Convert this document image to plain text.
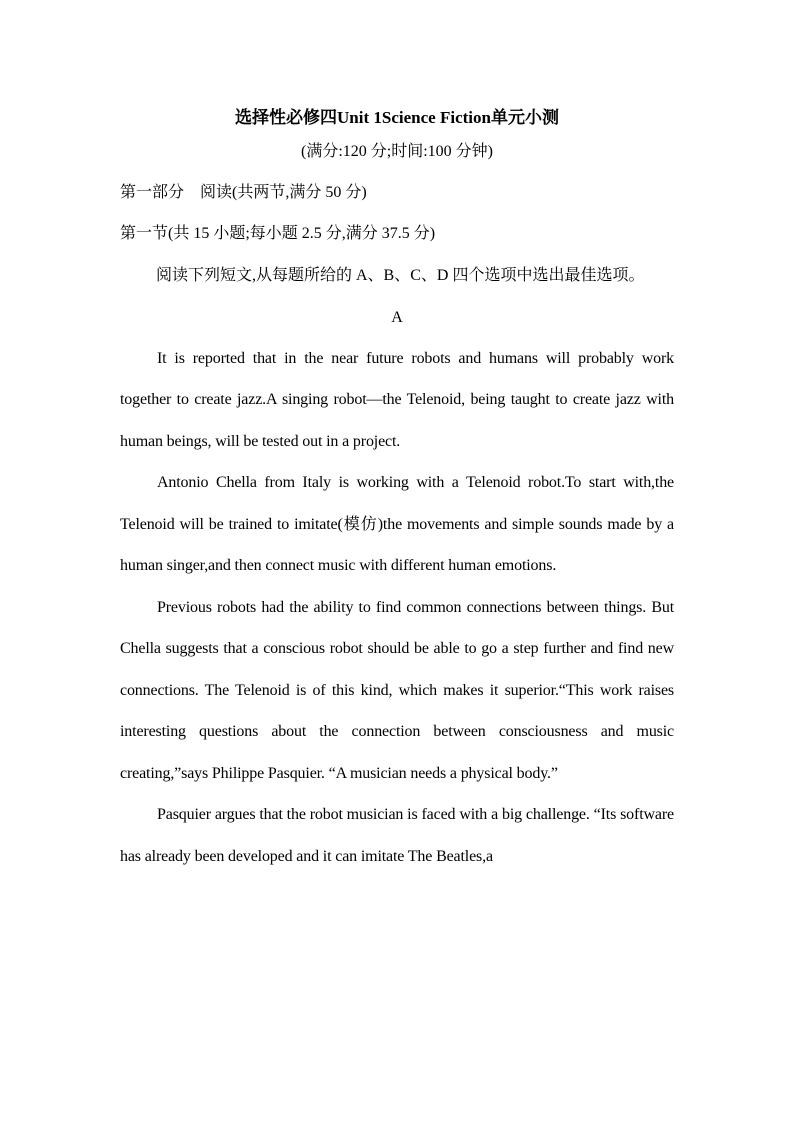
选择性必修四Unit 1Science Fiction单元小测
(满分:120 分;时间:100 分钟)
第一部分　阅读(共两节,满分 50 分)
第一节(共 15 小题;每小题 2.5 分,满分 37.5 分)
阅读下列短文,从每题所给的 A、B、C、D 四个选项中选出最佳选项。
A

It is reported that in the near future robots and humans will probably work together to create jazz.A singing robot—the Telenoid, being taught to create jazz with human beings, will be tested out in a project.

Antonio Chella from Italy is working with a Telenoid robot.To start with,the Telenoid will be trained to imitate(模仿)the movements and simple sounds made by a human singer,and then connect music with different human emotions.

Previous robots had the ability to find common connections between things. But Chella suggests that a conscious robot should be able to go a step further and find new connections. The Telenoid is of this kind, which makes it superior.“This work raises interesting questions about the connection between consciousness and music creating,”says Philippe Pasquier. “A musician needs a physical body.”

Pasquier argues that the robot musician is faced with a big challenge. “Its software has already been developed and it can imitate The Beatles,a
